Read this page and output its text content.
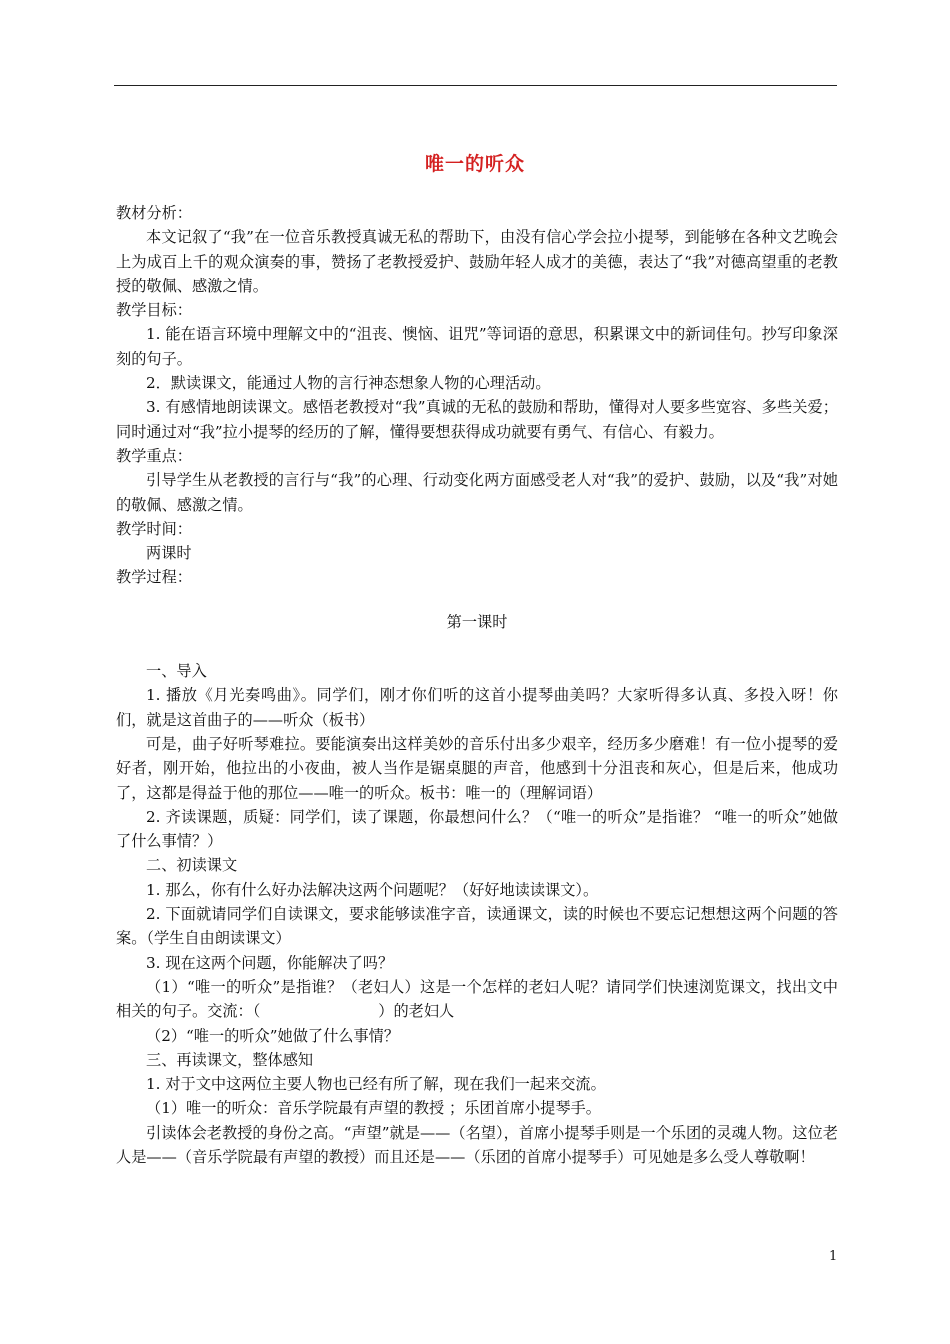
唯一的听众

教材分析：

本文记叙了“我”在一位音乐教授真诚无私的帮助下，由没有信心学会拉小提琴，到能够在各种文艺晚会上为成百上千的观众演奏的事，赞扬了老教授爱护、鼓励年轻人成才的美德，表达了“我”对德高望重的老教授的敬佩、感激之情。

教学目标：

1. 能在语言环境中理解文中的“沮丧、懊恼、诅咒”等词语的意思，积累课文中的新词佳句。抄写印象深刻的句子。

2．默读课文，能通过人物的言行神态想象人物的心理活动。

3. 有感情地朗读课文。感悟老教授对“我”真诚的无私的鼓励和帮助，懂得对人要多些宽容、多些关爱；同时通过对“我”拉小提琴的经历的了解，懂得要想获得成功就要有勇气、有信心、有毅力。

教学重点：

引导学生从老教授的言行与“我”的心理、行动变化两方面感受老人对“我”的爱护、鼓励，以及“我”对她的敬佩、感激之情。

教学时间：

两课时

教学过程：

第一课时

一、导入

1. 播放《月光奏鸣曲》。同学们，刚才你们听的这首小提琴曲美吗？大家听得多认真、多投入呀！你们，就是这首曲子的——听众（板书）

可是，曲子好听琴难拉。要能演奏出这样美妙的音乐付出多少艰辛，经历多少磨难！有一位小提琴的爱好者，刚开始，他拉出的小夜曲，被人当作是锯桌腿的声音，他感到十分沮丧和灰心，但是后来，他成功了，这都是得益于他的那位——唯一的听众。板书：唯一的（理解词语）

2. 齐读课题，质疑：同学们，读了课题，你最想问什么？（“唯一的听众”是指谁？ “唯一的听众”她做了什么事情？）

二、初读课文

1. 那么，你有什么好办法解决这两个问题呢？（好好地读读课文）。

2. 下面就请同学们自读课文，要求能够读准字音，读通课文，读的时候也不要忘记想想这两个问题的答案。（学生自由朗读课文）

3. 现在这两个问题，你能解决了吗？

（1）“唯一的听众”是指谁？（老妇人）这是一个怎样的老妇人呢？请同学们快速浏览课文，找出文中相关的句子。交流：（	）的老妇人

（2）“唯一的听众”她做了什么事情？

三、再读课文，整体感知

1. 对于文中这两位主要人物也已经有所了解，现在我们一起来交流。

（1）唯一的听众：音乐学院最有声望的教授 ；乐团首席小提琴手。

引读体会老教授的身份之高。“声望”就是——（名望），首席小提琴手则是一个乐团的灵魂人物。这位老人是——（音乐学院最有声望的教授）而且还是——（乐团的首席小提琴手）可见她是多么受人尊敬啊！

1
